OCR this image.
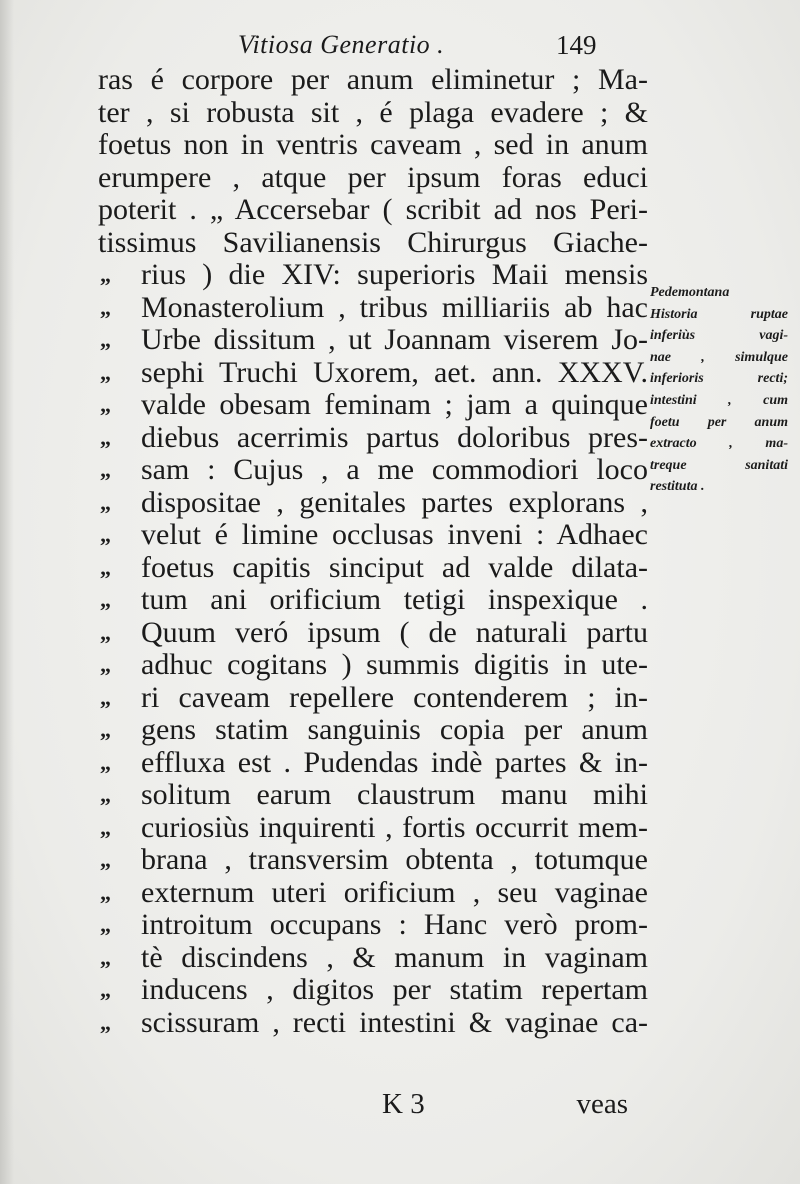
Vitiosa Generatio .	149
ras é corpore per anum eliminetur ; Ma-
ter , si robusta sit , é plaga evadere ; &
foetus non in ventris caveam , sed in anum
erumpere , atque per ipsum foras educi
poterit . „ Accersebar ( scribit ad nos Peri-
tissimus Savilianensis Chirurgus Giache-
„ rius ) die XIV: superioris Maii mensis
„ Monasterolium , tribus milliariis ab hac
„ Urbe dissitum , ut Joannam viserem Jo-
„ sephi Truchi Uxorem, aet. ann. XXXV.
„ valde obesam feminam ; jam a quinque
„ diebus acerrimis partus doloribus pres-
„ sam : Cujus , a me commodiori loco
„ dispositae , genitales partes explorans ,
„ velut é limine occlusas inveni : Adhaec
„ foetus capitis sinciput ad valde dilata-
„ tum ani orificium tetigi inspexique .
„ Quum veró ipsum ( de naturali partu
„ adhuc cogitans ) summis digitis in ute-
„ ri caveam repellere contenderem ; in-
„ gens statim sanguinis copia per anum
„ effluxa est . Pudendas indè partes & in-
„ solitum earum claustrum manu mihi
„ curiosiùs inquirenti , fortis occurrit mem-
„ brana , transversim obtenta , totumque
„ externum uteri orificium , seu vaginae
„ introitum occupans : Hanc verò prom-
„ tè discindens , & manum in vaginam
„ inducens , digitos per statim repertam
„ scissuram , recti intestini & vaginae ca-
Pedemontana
Historia ruptae
inferiùs vagi-
nae , simulque
inferioris recti;
intestini , cum
foetu per anum
extracto , ma-
treque sanitati
restituta .
K 3	veas
